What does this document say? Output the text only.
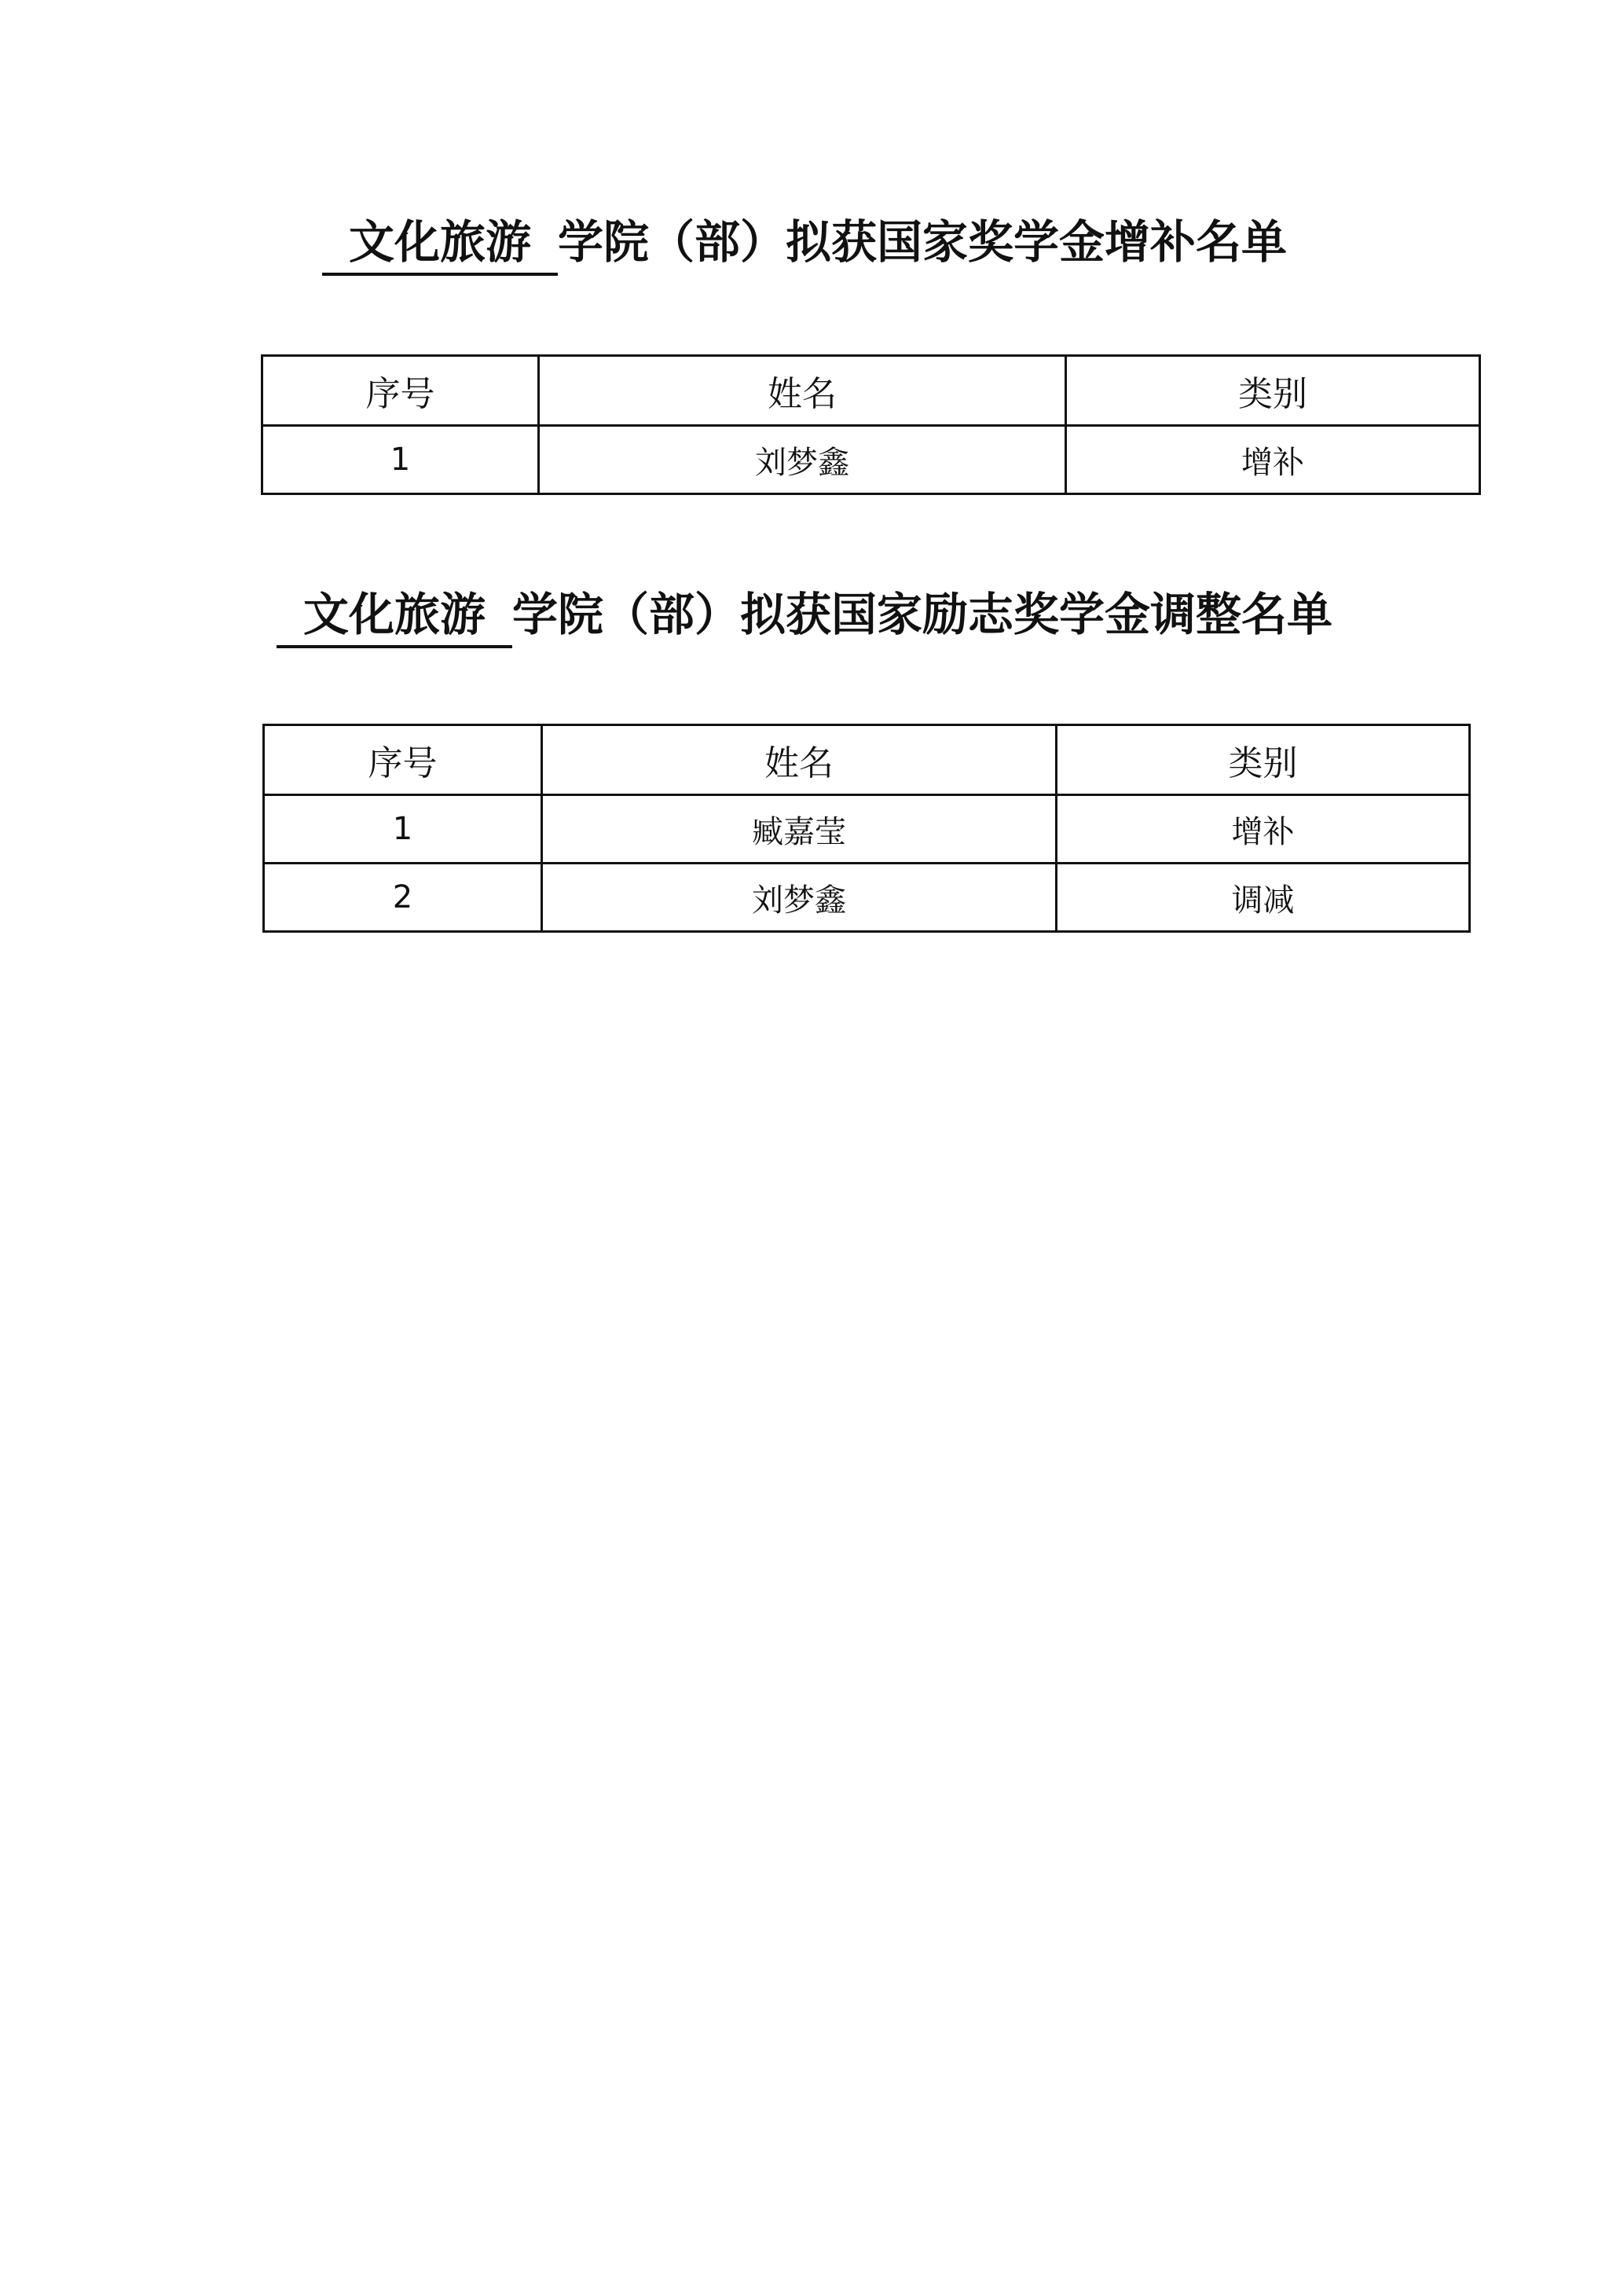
文化旅游 学院（部）拟获国家奖学金增补名单
序号	姓名	类别
1	刘梦鑫	增补
文化旅游 学院（部）拟获国家励志奖学金调整名单
序号	姓名	类别
1	臧嘉莹	增补
2	刘梦鑫	调减
